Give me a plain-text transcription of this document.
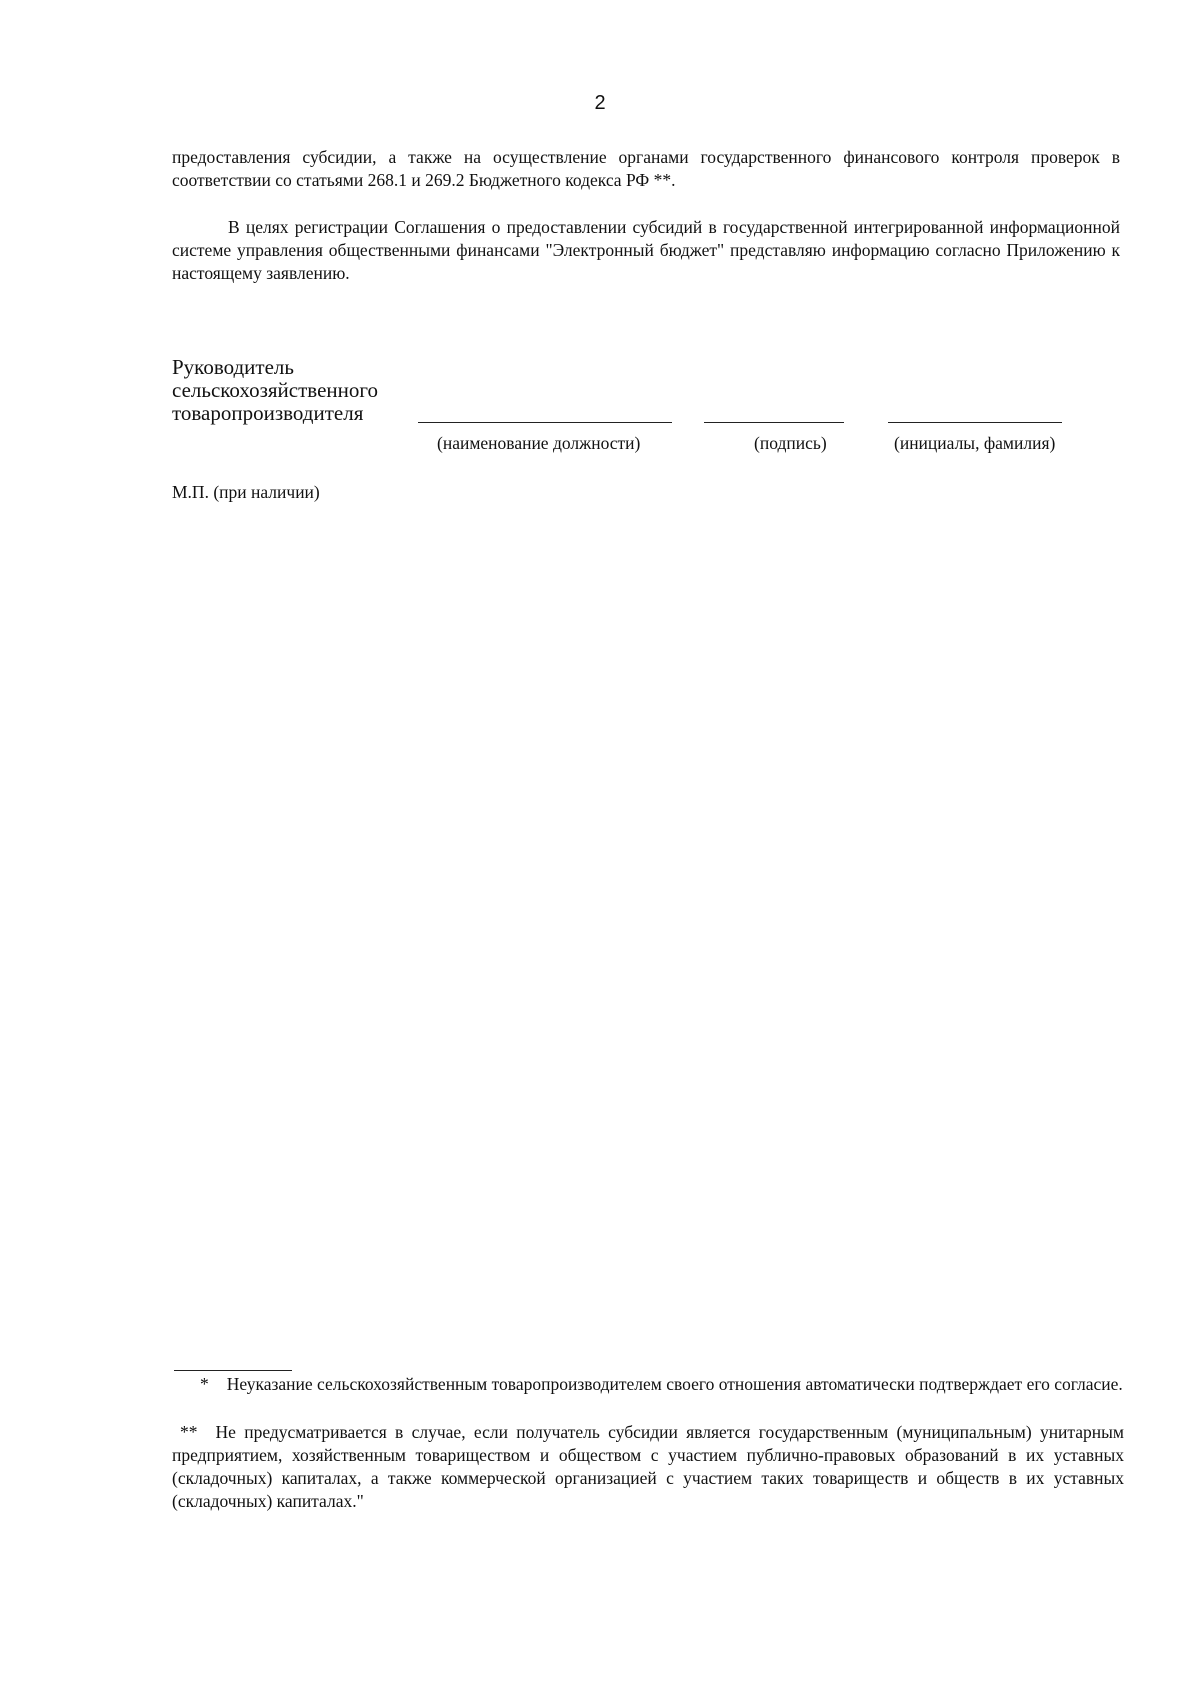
2

предоставления субсидии, а также на осуществление органами государственного финансового контроля проверок в соответствии со статьями 268.1 и 269.2 Бюджетного кодекса РФ **.

В целях регистрации Соглашения о предоставлении субсидий в государственной интегрированной информационной системе управления общественными финансами "Электронный бюджет" представляю информацию согласно Приложению к настоящему заявлению.

Руководитель
сельскохозяйственного
товаропроизводителя
(наименование должности)	(подпись)	(инициалы, фамилия)
М.П. (при наличии)

* Неуказание сельскохозяйственным товаропроизводителем своего отношения автоматически подтверждает его согласие.

** Не предусматривается в случае, если получатель субсидии является государственным (муниципальным) унитарным предприятием, хозяйственным товариществом и обществом с участием публично-правовых образований в их уставных (складочных) капиталах, а также коммерческой организацией с участием таких товариществ и обществ в их уставных (складочных) капиталах."
